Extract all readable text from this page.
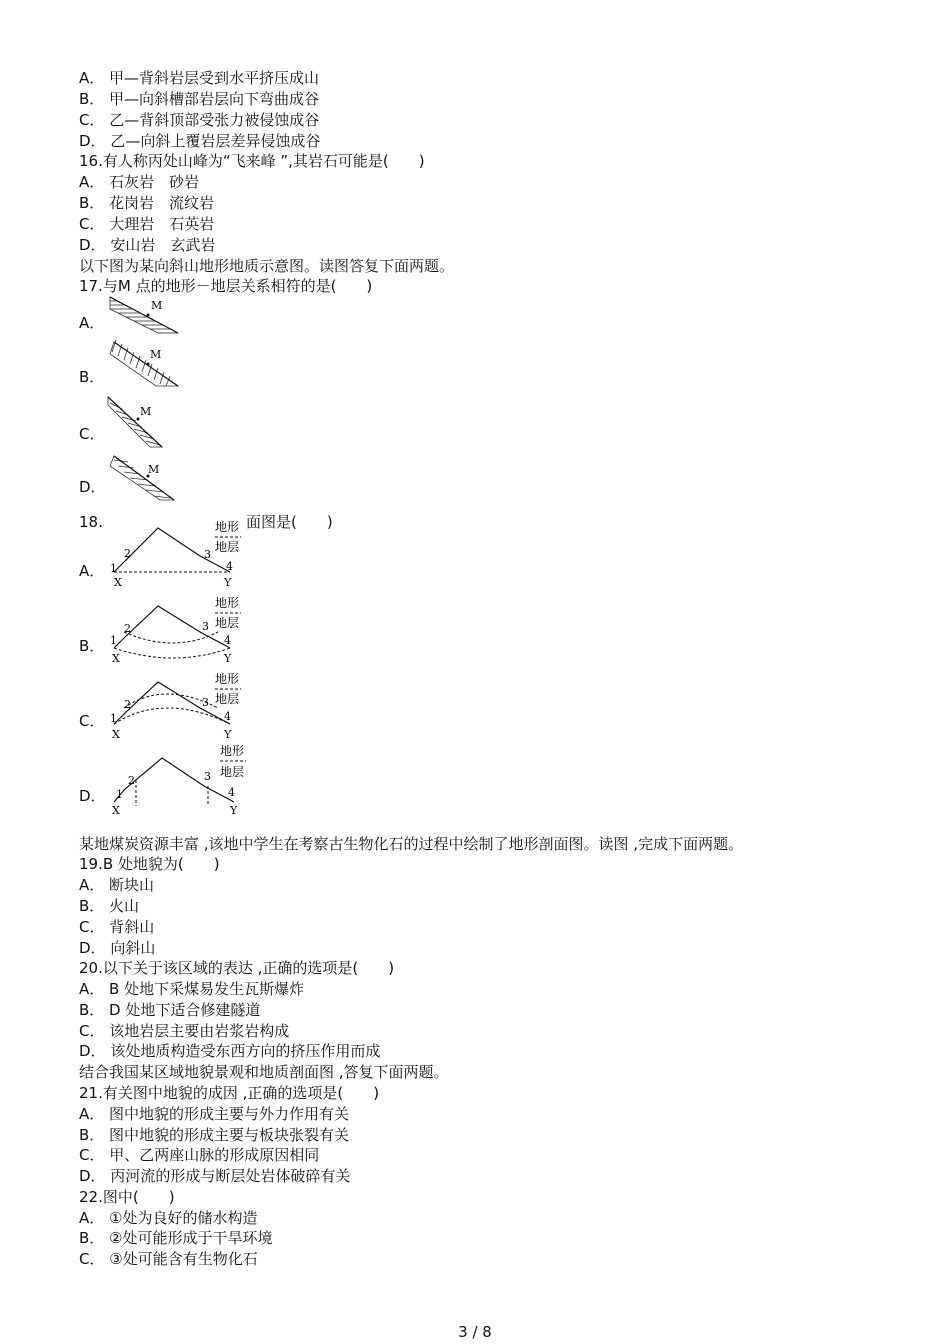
A． 甲—背斜岩层受到水平挤压成山
B． 甲—向斜槽部岩层向下弯曲成谷
C． 乙—背斜顶部受张力被侵蚀成谷
D． 乙—向斜上覆岩层差异侵蚀成谷
16.有人称丙处山峰为“飞来峰 ”,其岩石可能是(　　)
A． 石灰岩　砂岩
B． 花岗岩　流纹岩
C． 大理岩　石英岩
D． 安山岩　玄武岩
以下图为某向斜山地形地质示意图。读图答复下面两题。
17.与M 点的地形－地层关系相符的是(　　)
A．
M
B．
M
C．
M
D．
M
18.	面图是(　　)
A．
地形
地层
1
2	3
4
X	Y
B．
地形
地层
1
2	3
4
X	Y
C．
地形
地层
1
2	3
4
X	Y
D．
地形
地层
1
2	3
4
X	Y
某地煤炭资源丰富 ,该地中学生在考察古生物化石的过程中绘制了地形剖面图。读图 ,完成下面两题。
19.B 处地貌为(　　)
A． 断块山
B． 火山
C． 背斜山
D． 向斜山
20.以下关于该区域的表达 ,正确的选项是(　　)
A． B 处地下采煤易发生瓦斯爆炸
B． D 处地下适合修建隧道
C． 该地岩层主要由岩浆岩构成
D． 该处地质构造受东西方向的挤压作用而成
结合我国某区域地貌景观和地质剖面图 ,答复下面两题。
21.有关图中地貌的成因 ,正确的选项是(　　)
A． 图中地貌的形成主要与外力作用有关
B． 图中地貌的形成主要与板块张裂有关
C． 甲、乙两座山脉的形成原因相同
D． 丙河流的形成与断层处岩体破碎有关
22.图中(　　)
A． ①处为良好的储水构造
B． ②处可能形成于干旱环境
C． ③处可能含有生物化石
3 / 8
